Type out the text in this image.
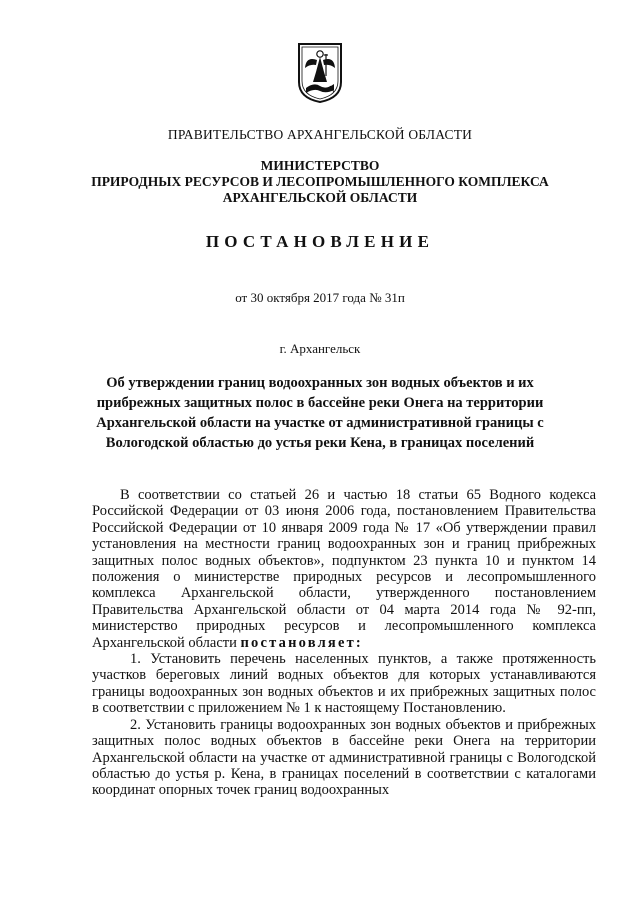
ПРАВИТЕЛЬСТВО АРХАНГЕЛЬСКОЙ ОБЛАСТИ
МИНИСТЕРСТВО
ПРИРОДНЫХ РЕСУРСОВ И ЛЕСОПРОМЫШЛЕННОГО КОМПЛЕКСА
АРХАНГЕЛЬСКОЙ ОБЛАСТИ
ПОСТАНОВЛЕНИЕ
от 30 октября 2017 года № 31п
г. Архангельск
Об утверждении границ водоохранных зон водных объектов и их
прибрежных защитных полос в бассейне реки Онега на территории
Архангельской области на участке от административной границы с
Вологодской областью до устья реки Кена, в границах поселений

В соответствии со статьей 26 и частью 18 статьи 65 Водного кодекса Российской Федерации от 03 июня 2006 года, постановлением Правительства Российской Федерации от 10 января 2009 года № 17 «Об утверждении правил установления на местности границ водоохранных зон и границ прибрежных защитных полос водных объектов», подпунктом 23 пункта 10 и пунктом 14 положения о министерстве природных ресурсов и лесопромышленного комплекса Архангельской области, утвержденного постановлением Правительства Архангельской области от 04 марта 2014 года № 92-пп, министерство природных ресурсов и лесопромышленного комплекса Архангельской области постановляет:

1. Установить перечень населенных пунктов, а также протяженность участков береговых линий водных объектов для которых устанавливаются границы водоохранных зон водных объектов и их прибрежных защитных полос в соответствии с приложением № 1 к настоящему Постановлению.

2. Установить границы водоохранных зон водных объектов и прибрежных защитных полос водных объектов в бассейне реки Онега на территории Архангельской области на участке от административной границы с Вологодской областью до устья р. Кена, в границах поселений в соответствии с каталогами координат опорных точек границ водоохранных
